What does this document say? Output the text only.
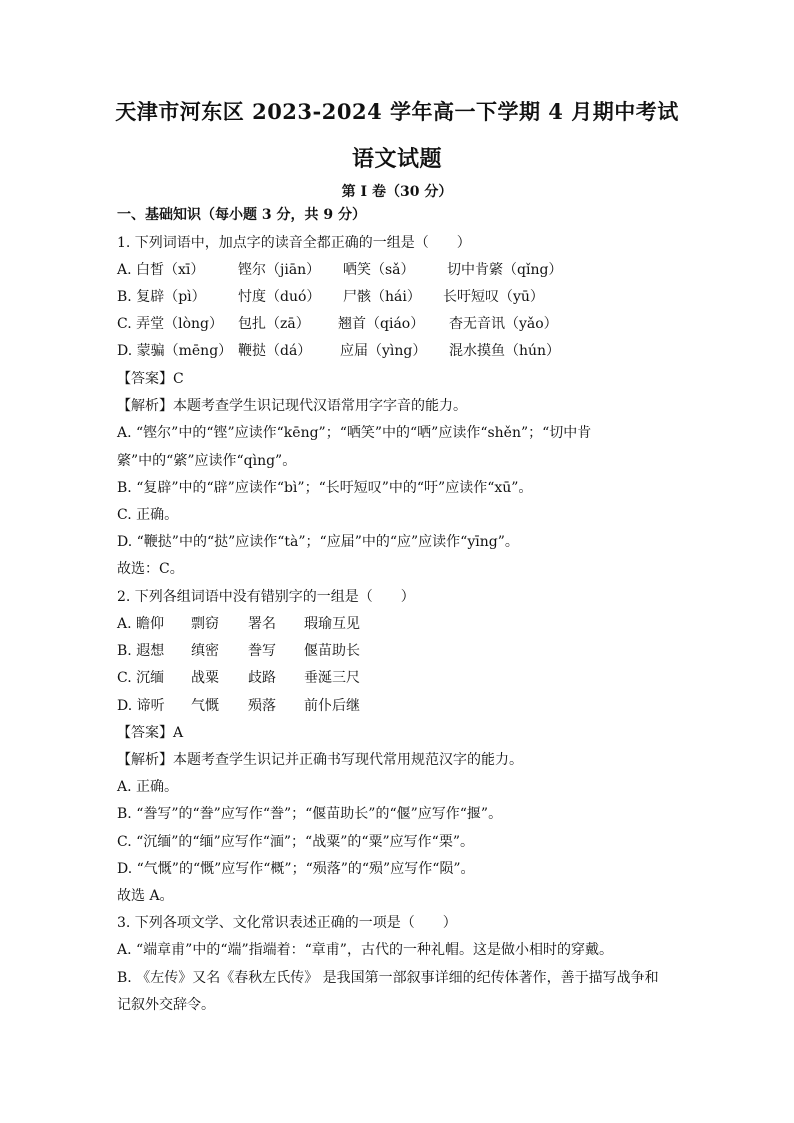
天津市河东区 2023-2024 学年高一下学期 4 月期中考试
语文试题
第 I 卷（30 分）
一、基础知识（每小题 3 分，共 9 分）
1. 下列词语中，加点字的读音全都正确的一组是（　　）
A. 白皙（xī） 铿尔（jiān） 哂笑（sǎ） 切中肯綮（qǐng）
B. 复辟（pì） 忖度（duó） 尸骸（hái） 长吁短叹（yū）
C. 弄堂（lòng） 包扎（zā） 翘首（qiáo） 杳无音讯（yǎo）
D. 蒙骗（mēng） 鞭挞（dá） 应届（yìng） 混水摸鱼（hún）
【答案】C
【解析】本题考查学生识记现代汉语常用字字音的能力。
A. “铿尔”中的“铿”应读作“kēng”；“哂笑”中的“哂”应读作“shěn”；“切中肯
綮”中的“綮”应读作“qìng”。
B. “复辟”中的“辟”应读作“bì”；“长吁短叹”中的“吁”应读作“xū”。
C. 正确。
D. “鞭挞”中的“挞”应读作“tà”；“应届”中的“应”应读作“yīng”。
故选：C。
2. 下列各组词语中没有错别字的一组是（　　）
A. 瞻仰 剽窃 署名 瑕瑜互见
B. 遐想 缜密 誊写 偃苗助长
C. 沉缅 战粟 歧路 垂涎三尺
D. 谛听 气慨 殒落 前仆后继
【答案】A
【解析】本题考查学生识记并正确书写现代常用规范汉字的能力。
A. 正确。
B. “誊写”的“誊”应写作“誊”；“偃苗助长”的“偃”应写作“揠”。
C. “沉缅”的“缅”应写作“湎”；“战粟”的“粟”应写作“栗”。
D. “气慨”的“慨”应写作“概”；“殒落”的“殒”应写作“陨”。
故选 A。
3. 下列各项文学、文化常识表述正确的一项是（　　）
A. “端章甫”中的“端”指端着：“章甫”，古代的一种礼帽。这是做小相时的穿戴。
B. 《左传》又名《春秋左氏传》 是我国第一部叙事详细的纪传体著作，善于描写战争和
记叙外交辞令。
